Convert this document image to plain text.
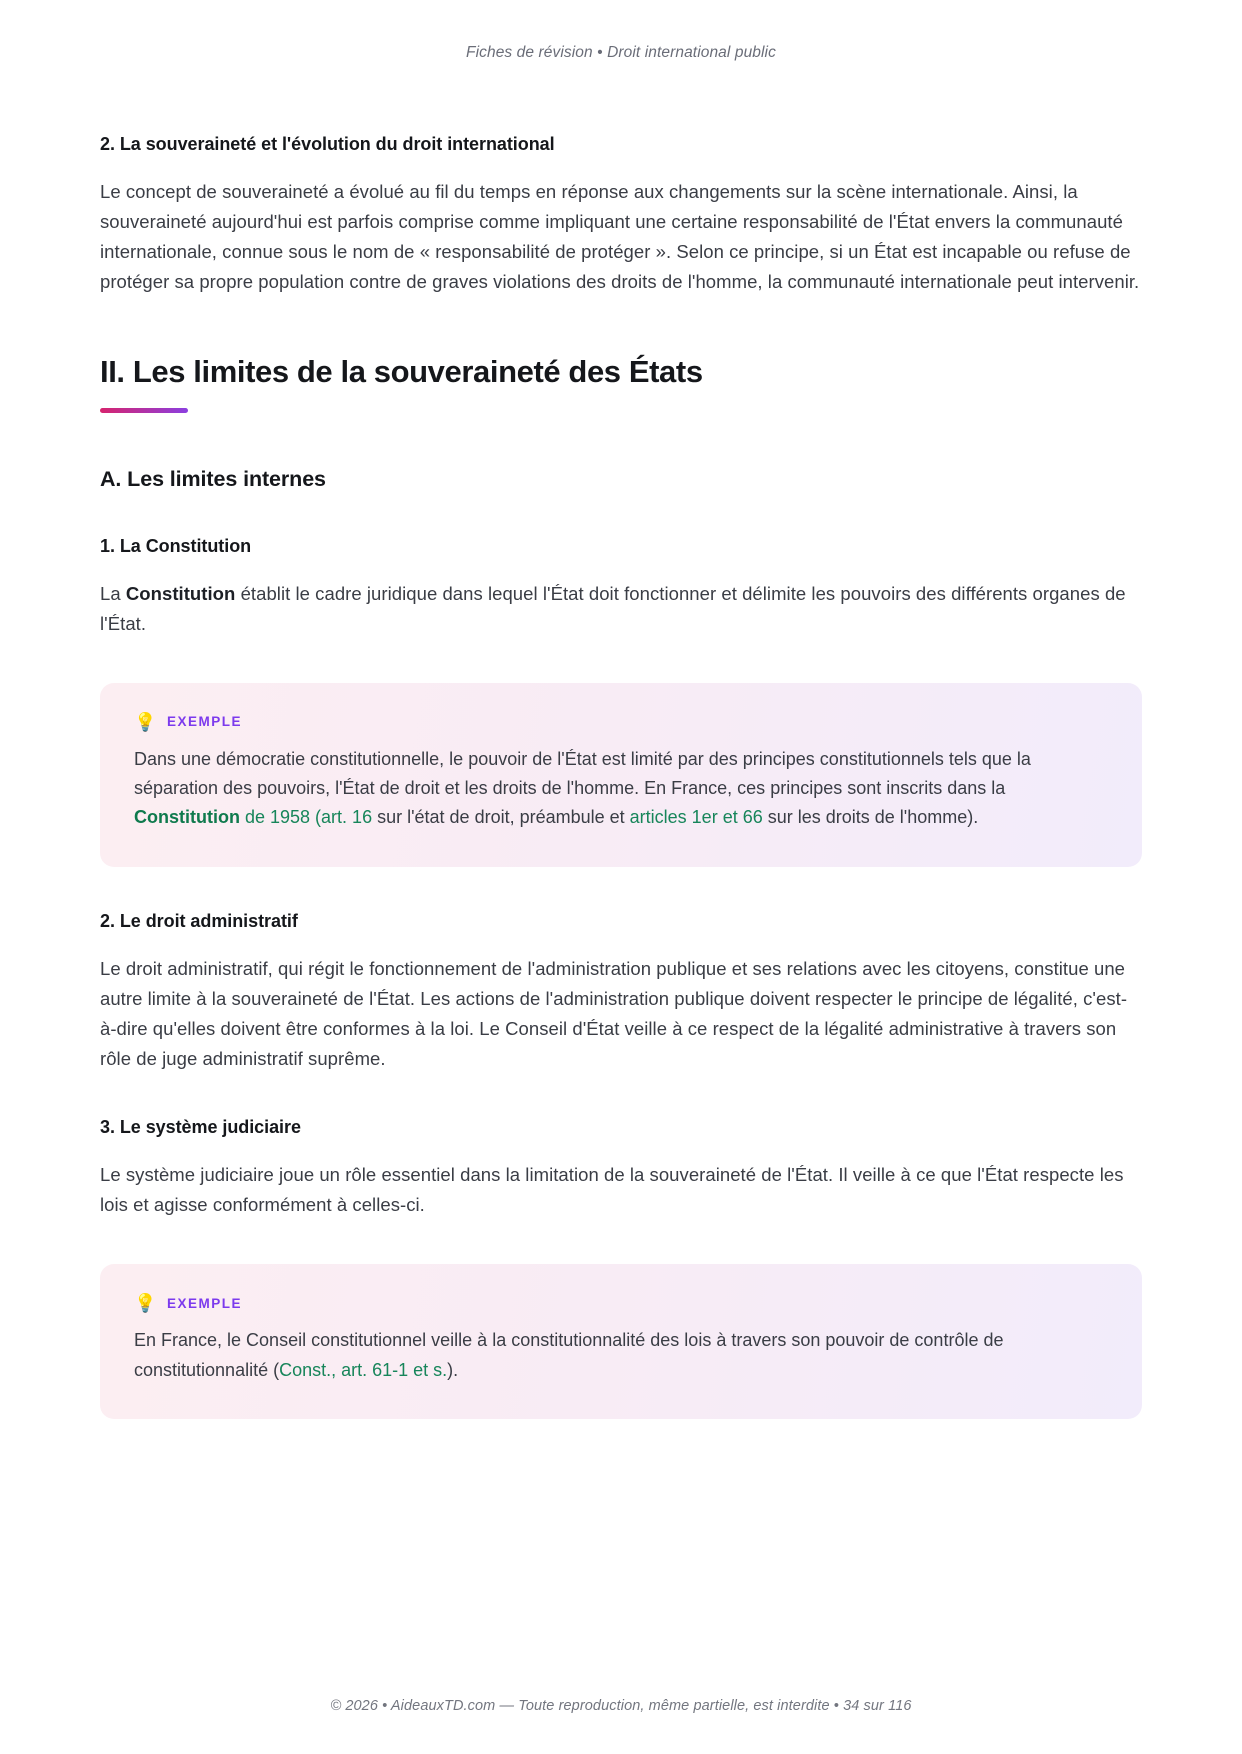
Fiches de révision • Droit international public
2. La souveraineté et l'évolution du droit international

Le concept de souveraineté a évolué au fil du temps en réponse aux changements sur la scène internationale. Ainsi, la souveraineté aujourd'hui est parfois comprise comme impliquant une certaine responsabilité de l'État envers la communauté internationale, connue sous le nom de « responsabilité de protéger ». Selon ce principe, si un État est incapable ou refuse de protéger sa propre population contre de graves violations des droits de l'homme, la communauté internationale peut intervenir.

II. Les limites de la souveraineté des États
A. Les limites internes
1. La Constitution

La Constitution établit le cadre juridique dans lequel l'État doit fonctionner et délimite les pouvoirs des différents organes de l'État.

💡 EXEMPLE

Dans une démocratie constitutionnelle, le pouvoir de l'État est limité par des principes constitutionnels tels que la séparation des pouvoirs, l'État de droit et les droits de l'homme. En France, ces principes sont inscrits dans la Constitution de 1958 (art. 16 sur l'état de droit, préambule et articles 1er et 66 sur les droits de l'homme).

2. Le droit administratif

Le droit administratif, qui régit le fonctionnement de l'administration publique et ses relations avec les citoyens, constitue une autre limite à la souveraineté de l'État. Les actions de l'administration publique doivent respecter le principe de légalité, c'est-à-dire qu'elles doivent être conformes à la loi. Le Conseil d'État veille à ce respect de la légalité administrative à travers son rôle de juge administratif suprême.

3. Le système judiciaire

Le système judiciaire joue un rôle essentiel dans la limitation de la souveraineté de l'État. Il veille à ce que l'État respecte les lois et agisse conformément à celles-ci.

💡 EXEMPLE

En France, le Conseil constitutionnel veille à la constitutionnalité des lois à travers son pouvoir de contrôle de constitutionnalité (Const., art. 61-1 et s.).

© 2026 • AideauxTD.com — Toute reproduction, même partielle, est interdite • 34 sur 116
